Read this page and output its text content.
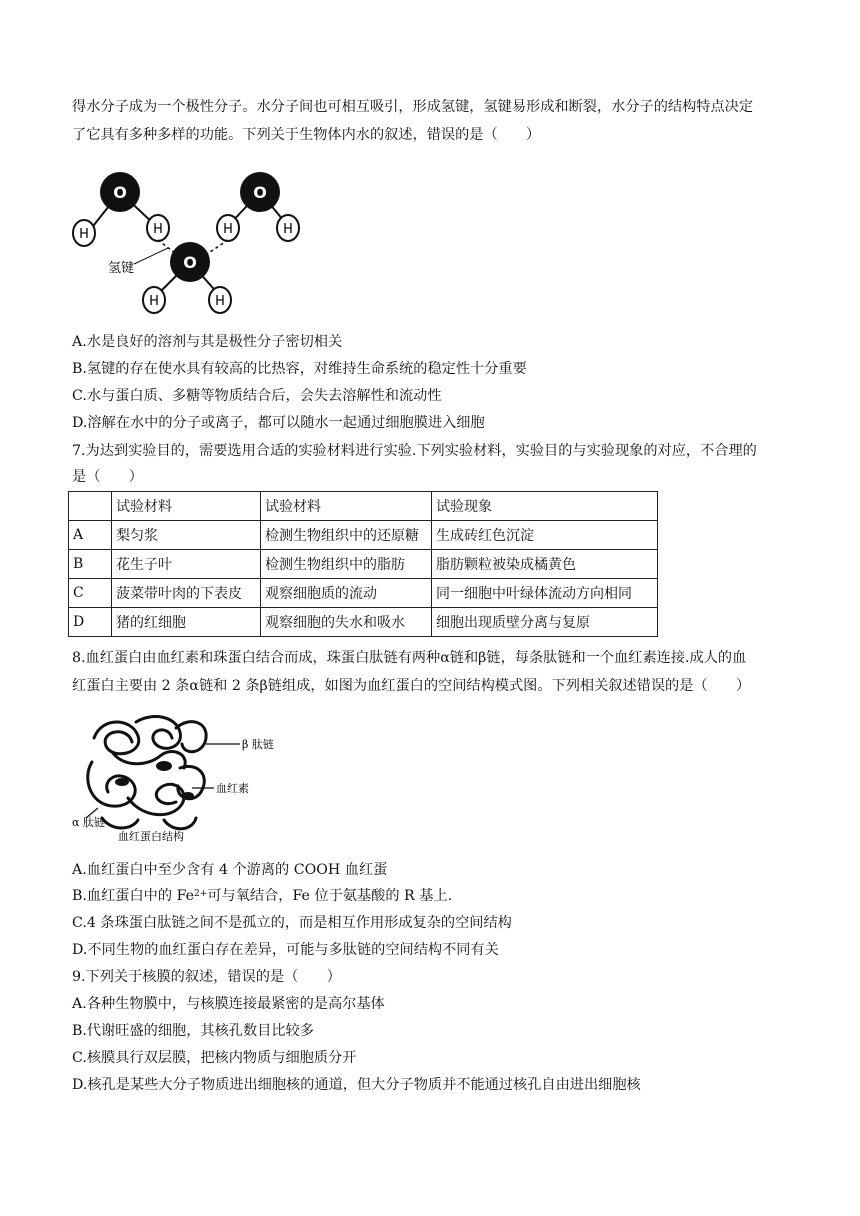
得水分子成为一个极性分子。水分子间也可相互吸引，形成氢键，氢键易形成和断裂，水分子的结构特点决定
了它具有多种多样的功能。下列关于生物体内水的叙述，错误的是（　　）
O
H	H
O
H	H
O
H	H
氢键
A.水是良好的溶剂与其是极性分子密切相关
B.氢键的存在使水具有较高的比热容，对维持生命系统的稳定性十分重要
C.水与蛋白质、多糖等物质结合后，会失去溶解性和流动性
D.溶解在水中的分子或离子，都可以随水一起通过细胞膜进入细胞
7.为达到实验目的，需要选用合适的实验材料进行实验.下列实验材料，实验目的与实验现象的对应，不合理的
是（　　）
	试验材料	试验材料	试验现象
A	梨匀浆	检测生物组织中的还原糖	生成砖红色沉淀
B	花生子叶	检测生物组织中的脂肪	脂肪颗粒被染成橘黄色
C	菠菜带叶肉的下表皮	观察细胞质的流动	同一细胞中叶绿体流动方向相同
D	猪的红细胞	观察细胞的失水和吸水	细胞出现质壁分离与复原
8.血红蛋白由血红素和珠蛋白结合而成，珠蛋白肽链有两种α链和β链，每条肽链和一个血红素连接.成人的血
红蛋白主要由 2 条α链和 2 条β链组成，如图为血红蛋白的空间结构模式图。下列相关叙述错误的是（　　）
β 肽链
血红素
α 肽链
血红蛋白结构
A.血红蛋白中至少含有 4 个游离的 COOH 血红蛋
B.血红蛋白中的 $Fe^{2+}$可与氧结合，Fe 位于氨基酸的 R 基上.
C.4 条珠蛋白肽链之间不是孤立的，而是相互作用形成复杂的空间结构
D.不同生物的血红蛋白存在差异，可能与多肽链的空间结构不同有关
9.下列关于核膜的叙述，错误的是（　　）
A.各种生物膜中，与核膜连接最紧密的是高尔基体
B.代谢旺盛的细胞，其核孔数目比较多
C.核膜具行双层膜，把核内物质与细胞质分开
D.核孔是某些大分子物质进出细胞核的通道，但大分子物质并不能通过核孔自由进出细胞核
